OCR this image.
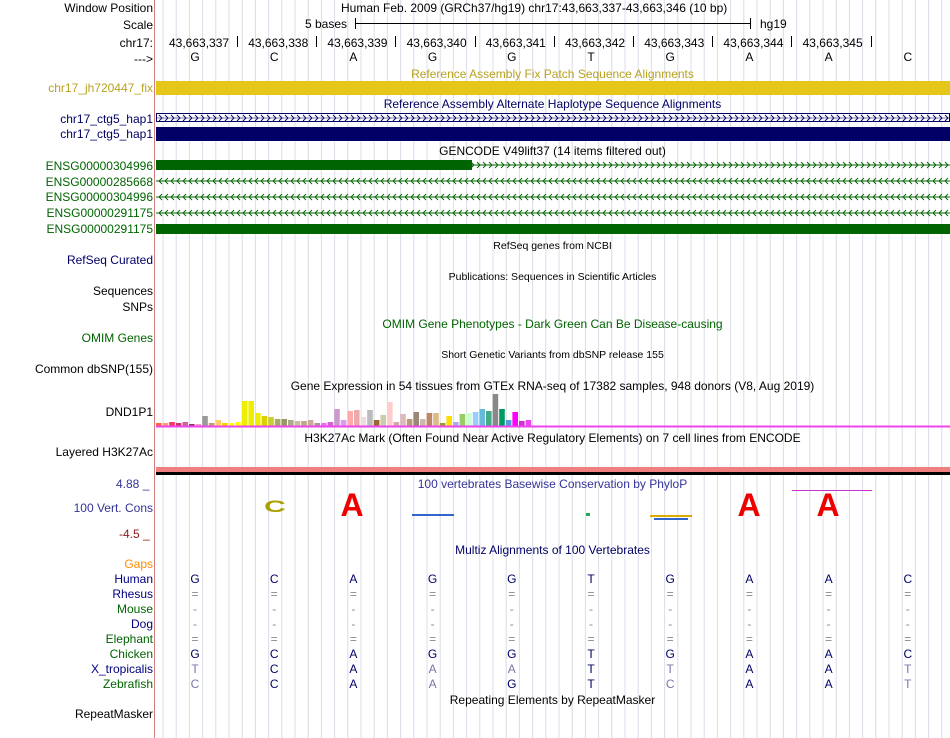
Window Position	Human Feb. 2009 (GRCh37/hg19) chr17:43,663,337-43,663,346 (10 bp)
Scale	5 bases	hg19
chr17: 43,663,337 43,663,338 43,663,339 43,663,340 43,663,341 43,663,342 43,663,343 43,663,344 43,663,345
--->	G	C	A	G	G	T	G	A	A	C
Reference Assembly Fix Patch Sequence Alignments
chr17_jh720447_fix
Reference Assembly Alternate Haplotype Sequence Alignments
chr17_ctg5_hap1
chr17_ctg5_hap1
GENCODE V49lift37 (14 items filtered out)
ENSG00000304996
ENSG00000285668
ENSG00000304996
ENSG00000291175
ENSG00000291175
RefSeq genes from NCBI
RefSeq Curated
Publications: Sequences in Scientific Articles
Sequences
SNPs
OMIM Gene Phenotypes - Dark Green Can Be Disease-causing
OMIM Genes
Short Genetic Variants from dbSNP release 155
Common dbSNP(155)
Gene Expression in 54 tissues from GTEx RNA-seq of 17382 samples, 948 donors (V8, Aug 2019)
DND1P1
H3K27Ac Mark (Often Found Near Active Regulatory Elements) on 7 cell lines from ENCODE
Layered H3K27Ac
100 vertebrates Basewise Conservation by PhyloP
4.88 _
100 Vert. Cons
-4.5 _
C A	A A
Multiz Alignments of 100 Vertebrates
Gaps
Human	G	C	A	G	G	T	G	A	A	C
Rhesus	=	=	=	=	=	=	=	=	=	=
Mouse	-	-	-	-	-	-	-	-	-	-
Dog	-	-	-	-	-	-	-	-	-	-
Elephant	=	=	=	=	=	=	=	=	=	=
Chicken	G	C	A	G	G	T	G	A	A	C
X_tropicalis	T	C	A	A	A	T	T	A	A	T
Zebrafish	C	C	A	A	G	T	C	A	A	T
Repeating Elements by RepeatMasker
RepeatMasker
